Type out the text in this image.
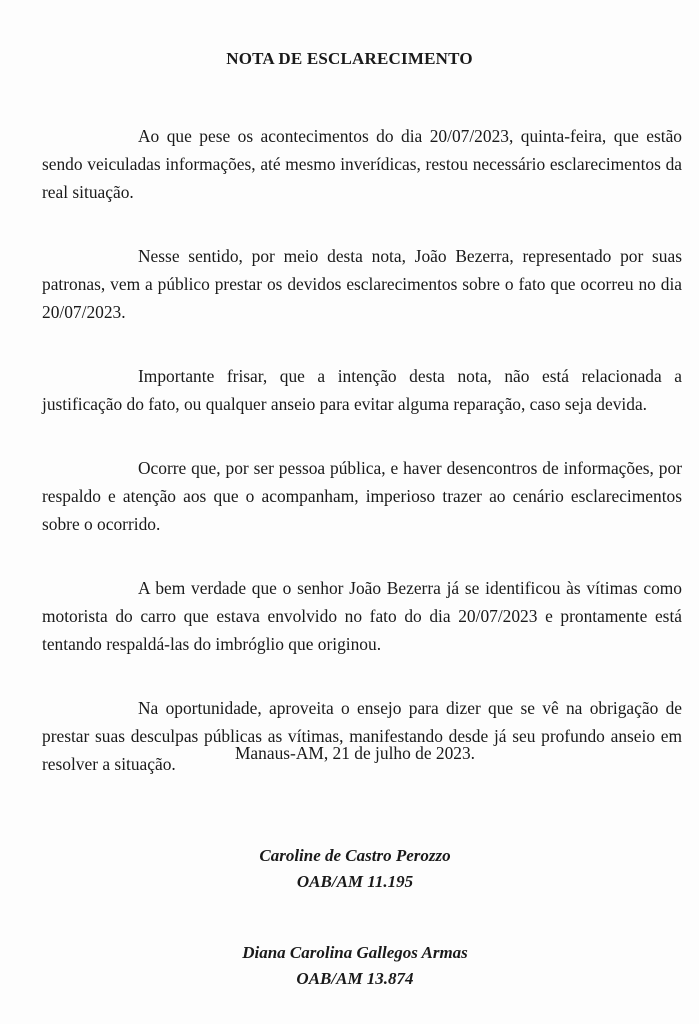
NOTA DE ESCLARECIMENTO

Ao que pese os acontecimentos do dia 20/07/2023, quinta-feira, que estão sendo veiculadas informações, até mesmo inverídicas, restou necessário esclarecimentos da real situação.

Nesse sentido, por meio desta nota, João Bezerra, representado por suas patronas, vem a público prestar os devidos esclarecimentos sobre o fato que ocorreu no dia 20/07/2023.

Importante frisar, que a intenção desta nota, não está relacionada a justificação do fato, ou qualquer anseio para evitar alguma reparação, caso seja devida.

Ocorre que, por ser pessoa pública, e haver desencontros de informações, por respaldo e atenção aos que o acompanham, imperioso trazer ao cenário esclarecimentos sobre o ocorrido.

A bem verdade que o senhor João Bezerra já se identificou às vítimas como motorista do carro que estava envolvido no fato do dia 20/07/2023 e prontamente está tentando respaldá-las do imbróglio que originou.

Na oportunidade, aproveita o ensejo para dizer que se vê na obrigação de prestar suas desculpas públicas as vítimas, manifestando desde já seu profundo anseio em resolver a situação.

Manaus-AM, 21 de julho de 2023.
Caroline de Castro Perozzo
OAB/AM 11.195
Diana Carolina Gallegos Armas
OAB/AM 13.874
